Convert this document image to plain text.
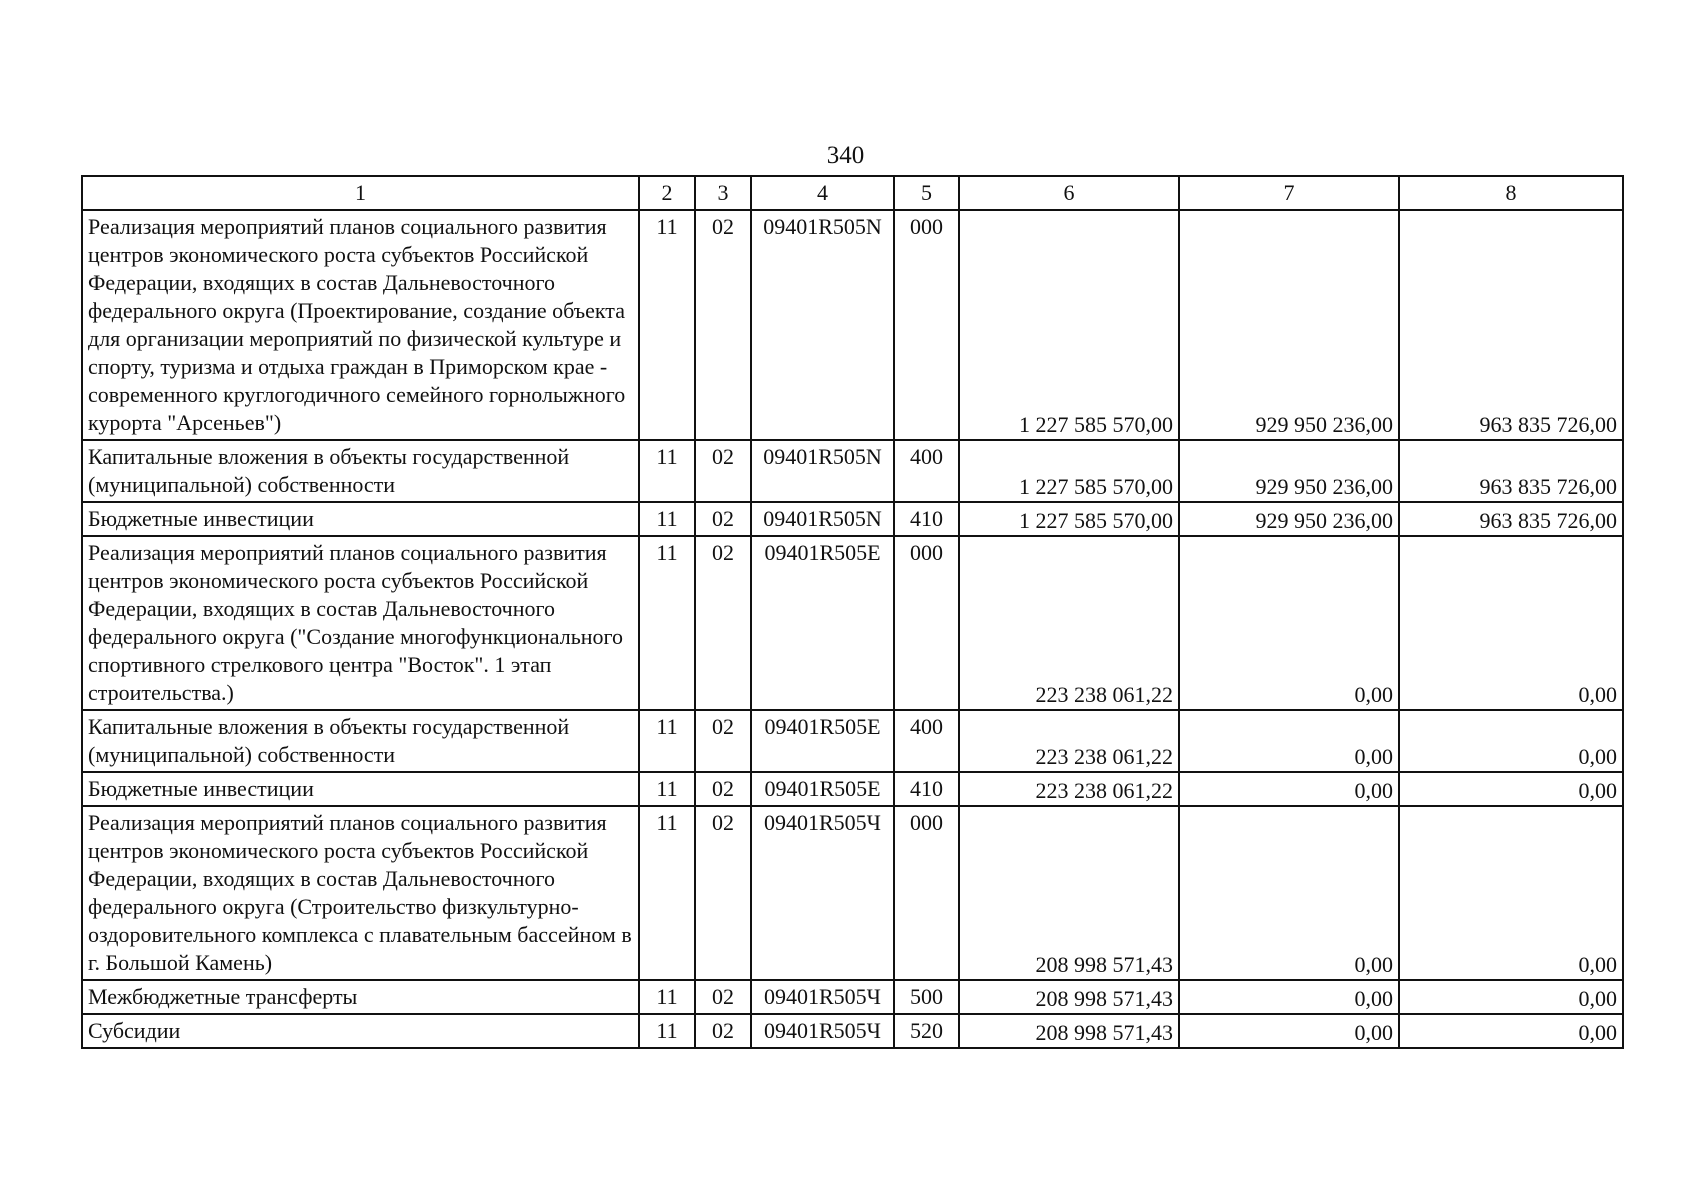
340
1	2	3	4	5	6	7	8
Реализация мероприятий планов социального развития центров экономического роста субъектов Российской Федерации, входящих в состав Дальневосточного федерального округа (Проектирование, создание объекта для организации мероприятий по физической культуре и спорту, туризма и отдыха граждан в Приморском крае - современного круглогодичного семейного горнолыжного курорта "Арсеньев")	11	02	09401R505N	000	1 227 585 570,00	929 950 236,00	963 835 726,00
Капитальные вложения в объекты государственной (муниципальной) собственности	11	02	09401R505N	400	1 227 585 570,00	929 950 236,00	963 835 726,00
Бюджетные инвестиции	11	02	09401R505N	410	1 227 585 570,00	929 950 236,00	963 835 726,00
Реализация мероприятий планов социального развития центров экономического роста субъектов Российской Федерации, входящих в состав Дальневосточного федерального округа ("Создание многофункционального спортивного стрелкового центра "Восток". 1 этап строительства.)	11	02	09401R505E	000	223 238 061,22	0,00	0,00
Капитальные вложения в объекты государственной (муниципальной) собственности	11	02	09401R505E	400	223 238 061,22	0,00	0,00
Бюджетные инвестиции	11	02	09401R505E	410	223 238 061,22	0,00	0,00
Реализация мероприятий планов социального развития центров экономического роста субъектов Российской Федерации, входящих в состав Дальневосточного федерального округа (Строительство физкультурно-оздоровительного комплекса с плавательным бассейном в г. Большой Камень)	11	02	09401R505Ч	000	208 998 571,43	0,00	0,00
Межбюджетные трансферты	11	02	09401R505Ч	500	208 998 571,43	0,00	0,00
Субсидии	11	02	09401R505Ч	520	208 998 571,43	0,00	0,00
